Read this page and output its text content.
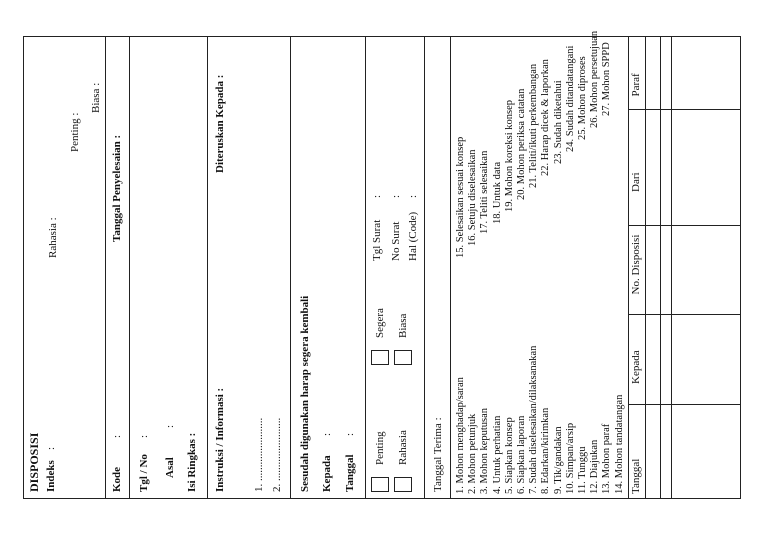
DISPOSISI Indeks
:
Rahasia :
Penting :
Biasa :
Kode
:
Tanggal Penyelesaian :
Tgl / No
:
Asal
:
Isi Ringkas : Instruksi / Informasi :
Diteruskan Kepada :
1. ....................... 2. ....................... Sesudah digunakan harap segera kembali Kepada
:
Tanggal
: Penting Rahasia
Segera Biasa
Tgl Surat
:
No Surat
:
Hal (Code)
:
Tanggal Terima : 1. Mohon menghadap/saran 2. Mohon petunjuk 3. Mohon keputusan 4. Untuk perhatian 5. Siapkan konsep 6. Siapkan laporan 7. Sudah diselesaikan/dilaksanakan 8. Edarkan/kirimkan 9. Tik/gandakan 10. Simpan/arsip 11. Tunggu 12. Diajukan 13. Mohon paraf 14. Mohon tandatangan
15. Selesaikan sesuai konsep 16. Setuju diselesaikan 17. Teliti selesaikan 18. Untuk data 19. Mohon koreksi konsep 20. Mohon periksa catatan 21. Teliti/ikuti perkembangan 22. Harap dicek & laporkan 23. Sudah diketahui 24. Sudah ditandatangani 25. Mohon diproses 26. Mohon persetujuan 27. Mohon SPPD
Tanggal
Kepada
No. Disposisi
Dari
Paraf
